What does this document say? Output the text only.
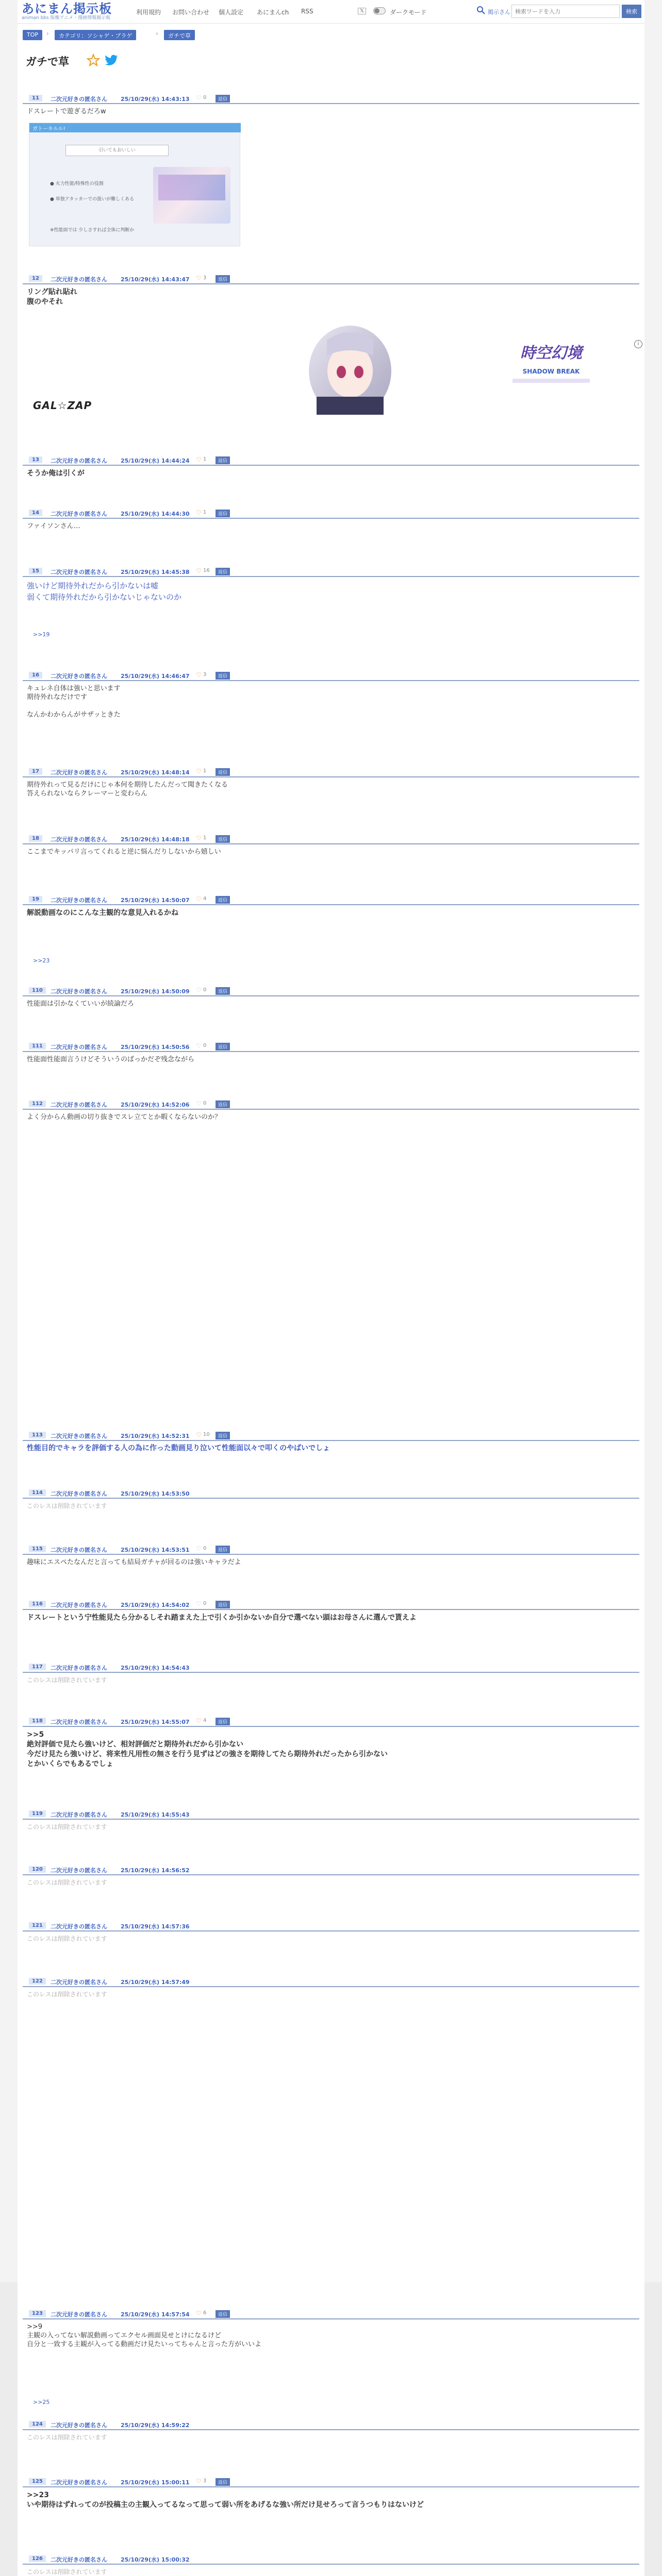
あにまん掲示板
animan bbs 版権アニメ・漫画情報掲示板
利用規約 お問い合わせ 個人設定 あにまんch RSS	𝕏	ダークモード	掲示さん
検索ワードを入力	検索
TOP	›	カテゴリ：ソシャゲ・ブラゲ	›	ガチで草
ガチで草
11	二次元好きの匿名さん 25/10/29(水) 14:43:13 ♡ 0	返信
ドスレートで遊ぎるだろw
12	二次元好きの匿名さん 25/10/29(水) 14:43:47 ♡ 3	返信
リング貼れ貼れ
腹のやそれ
13	二次元好きの匿名さん 25/10/29(水) 14:44:24 ♡ 1	返信
そうか俺は引くが
14	二次元好きの匿名さん 25/10/29(水) 14:44:30 ♡ 1	返信
ファイソンさん…
15	二次元好きの匿名さん 25/10/29(水) 14:45:38 ♡ 16	返信
強いけど期待外れだから引かないは嘘
弱くて期待外れだから引かないじゃないのか
16	二次元好きの匿名さん 25/10/29(水) 14:46:47 ♡ 3	返信
キュレネ自体は強いと思います
期待外れなだけです

なんかわからんがサザッときた
17	二次元好きの匿名さん 25/10/29(水) 14:48:14 ♡ 1	返信
期待外れって見るだけにじゃ本何を期待したんだって聞きたくなる
答えられないならクレーマーと変わらん
18	二次元好きの匿名さん 25/10/29(水) 14:48:18 ♡ 1	返信
ここまでキッパリ言ってくれると逆に悩んだりしないから嬉しい
19	二次元好きの匿名さん 25/10/29(水) 14:50:07 ♡ 4	返信
解説動画なのにこんな主観的な意見入れるかね
110	二次元好きの匿名さん 25/10/29(水) 14:50:09 ♡ 0	返信
性能面は引かなくていいが続論だろ
111	二次元好きの匿名さん 25/10/29(水) 14:50:56 ♡ 0	返信
性能面性能面言うけどそういうのばっかだぞ残念ながら
112	二次元好きの匿名さん 25/10/29(水) 14:52:06 ♡ 0	返信
よく分からん動画の切り抜きでスレ立てとか暇くならないのか？
113	二次元好きの匿名さん 25/10/29(水) 14:52:31 ♡ 10	返信
性能目的でキャラを評価する人の為に作った動画見り泣いて性能面以々で叩くのやばいでしょ
114	二次元好きの匿名さん 25/10/29(水) 14:53:50
このレスは削除されています
115	二次元好きの匿名さん 25/10/29(水) 14:53:51 ♡ 0	返信
趣味にエスペたなんだと言っても結局ガチャが回るのは強いキャラだよ
116	二次元好きの匿名さん 25/10/29(水) 14:54:02 ♡ 0	返信
ドスレートという宁性能見たら分かるしそれ踏まえた上で引くか引かないか自分で選べない頭はお母さんに選んで貰えよ
117	二次元好きの匿名さん 25/10/29(水) 14:54:43
このレスは削除されています
118	二次元好きの匿名さん 25/10/29(水) 14:55:07 ♡ 4	返信
>>5
絶対評価で見たら強いけど、相対評価だと期待外れだから引かない
今だけ見たら強いけど、将来性凡用性の無さを行う見ずはどの強さを期待してたら期待外れだったから引かない
とかいくらでもあるでしょ
119	二次元好きの匿名さん 25/10/29(水) 14:55:43
このレスは削除されています
120	二次元好きの匿名さん 25/10/29(水) 14:56:52
このレスは削除されています
121	二次元好きの匿名さん 25/10/29(水) 14:57:36
このレスは削除されています
122	二次元好きの匿名さん 25/10/29(水) 14:57:49
このレスは削除されています
123	二次元好きの匿名さん 25/10/29(水) 14:57:54 ♡ 6	返信
>>9
主観の入ってない解説動画ってエクセル画面見せとけになるけど
自分と一致する主観が入ってる動画だけ見たいってちゃんと言った方がいいよ
124	二次元好きの匿名さん 25/10/29(水) 14:59:22
このレスは削除されています
125	二次元好きの匿名さん 25/10/29(水) 15:00:11 ♡ 3	返信
>>23
いや期待はずれってのが投稿主の主観入ってるなって思って弱い所をあげるな強い所だけ見せろって言うつもりはないけど
126	二次元好きの匿名さん 25/10/29(水) 15:00:32
このレスは削除されています
ガトーキルル!
引いてもおいしい
● 火力性能/特殊性の役割
● 単独アタッカーでの扱いが難しくある
※性能面では 少しさすれば全体に判断か
時空幻境
SHADOW BREAK
GAL☆ZAP
i
>>19
>>23
>>25
